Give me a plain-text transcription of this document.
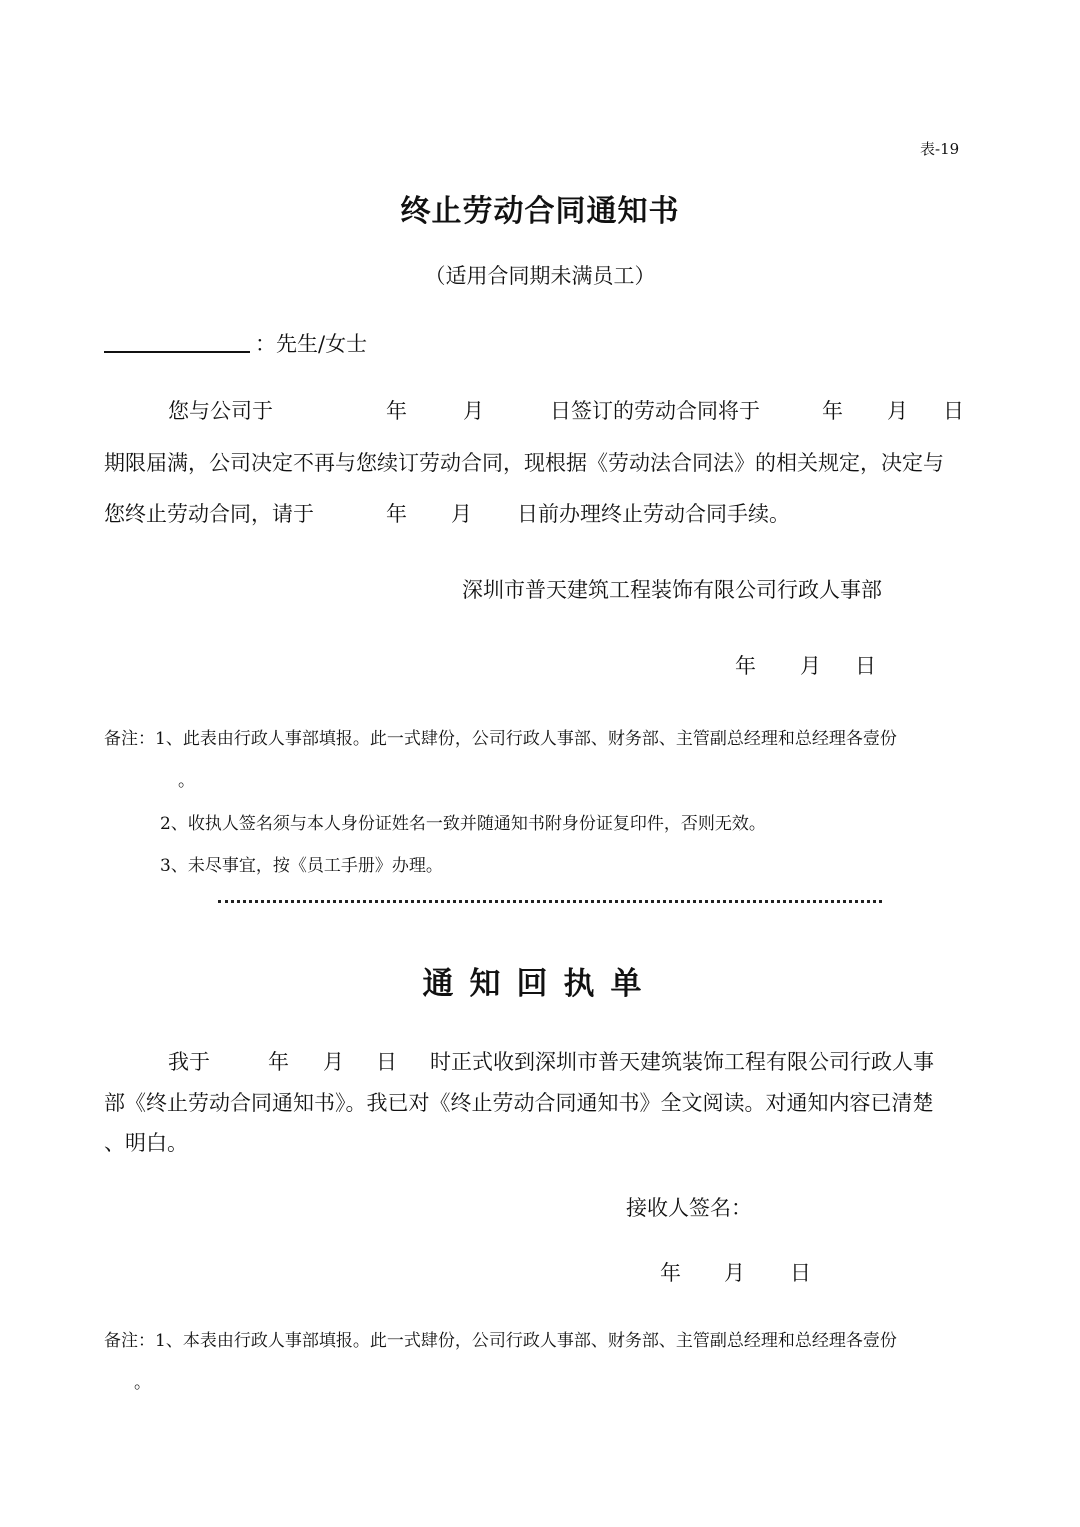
表-19
终止劳动合同通知书
（适用合同期未满员工）
：先生/女士
您与公司于	年	月	日签订的劳动合同将于	年 月 日
期限届满，公司决定不再与您续订劳动合同，现根据《劳动法合同法》的相关规定，决定与
您终止劳动合同，请于	年 月 日前办理终止劳动合同手续。
深圳市普天建筑工程装饰有限公司行政人事部
年 月 日
备注：1、此表由行政人事部填报。此一式肆份，公司行政人事部、财务部、主管副总经理和总经理各壹份
。
2、收执人签名须与本人身份证姓名一致并随通知书附身份证复印件，否则无效。
3、未尽事宜，按《员工手册》办理。
通知回执单
我于	年 月 日 时正式收到深圳市普天建筑装饰工程有限公司行政人事
部《终止劳动合同通知书》。我已对《终止劳动合同通知书》全文阅读。对通知内容已清楚
、明白。
接收人签名：
年 月 日
备注：1、本表由行政人事部填报。此一式肆份，公司行政人事部、财务部、主管副总经理和总经理各壹份
。
